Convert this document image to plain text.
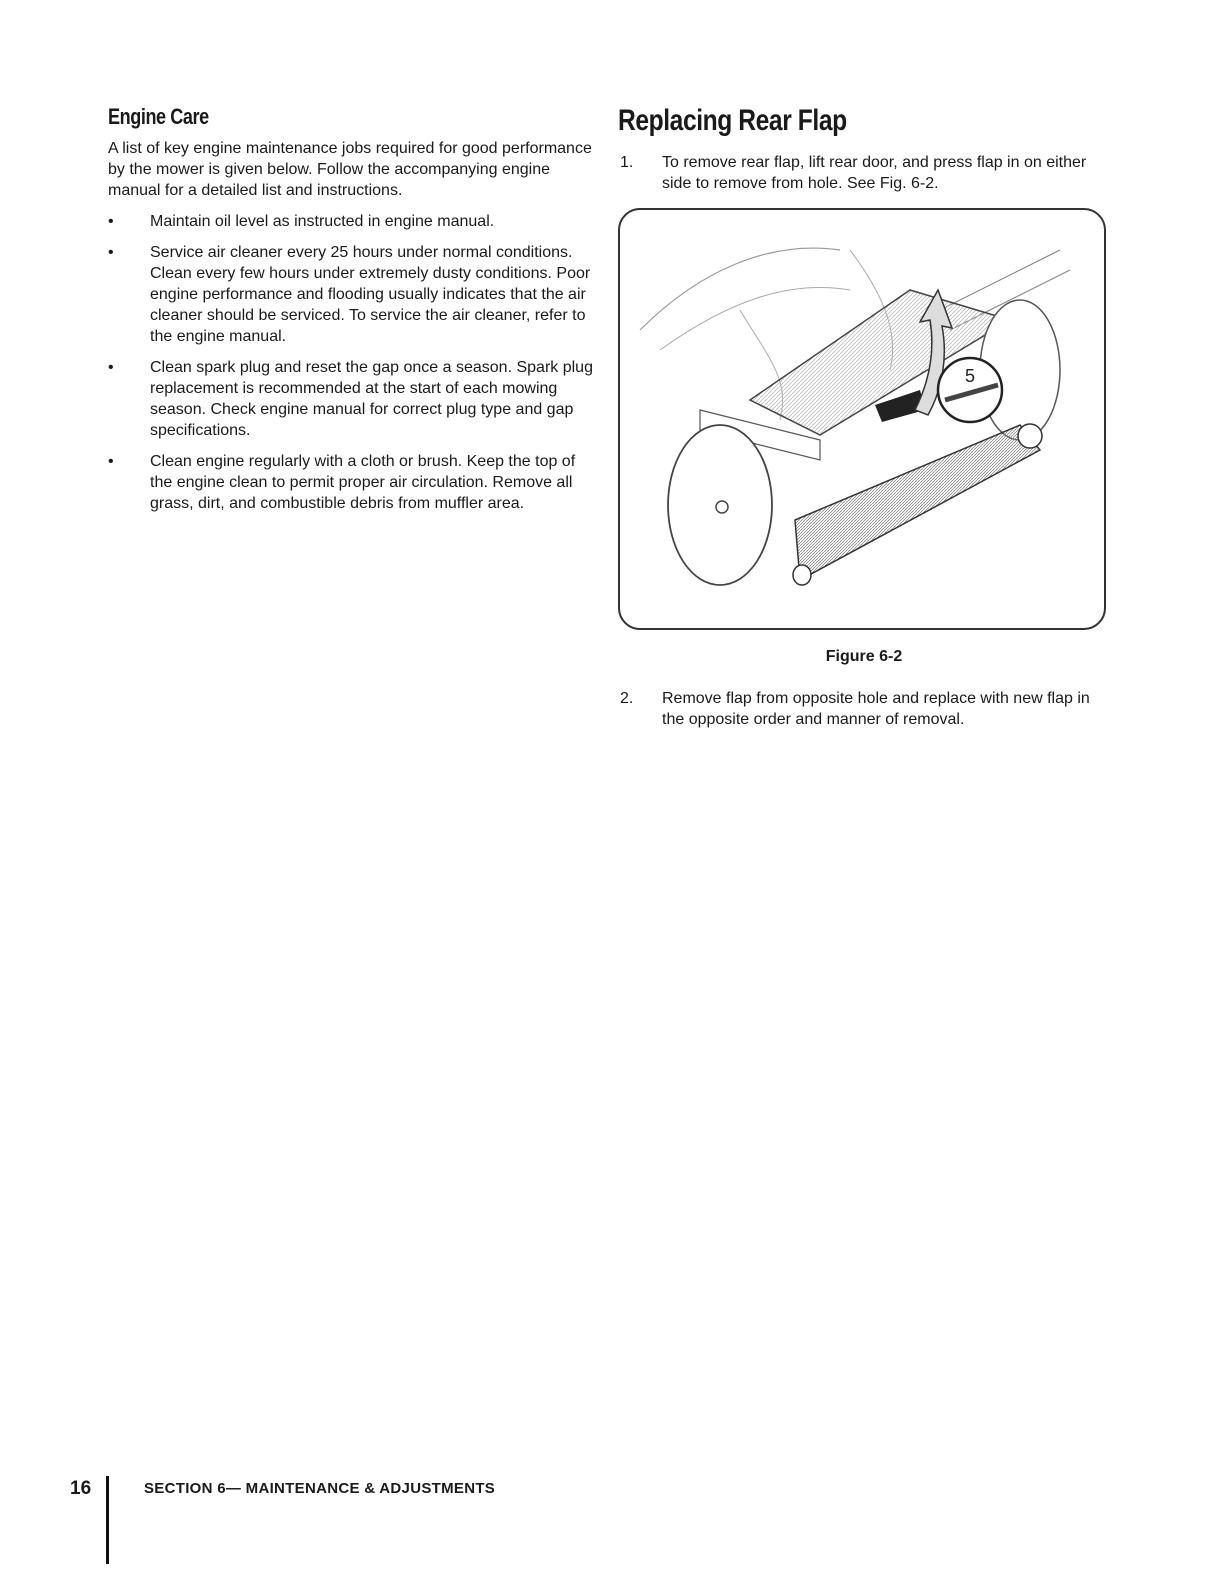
Engine Care

A list of key engine maintenance jobs required for good performance by the mower is given below. Follow the accompanying engine manual for a detailed list and instructions.

• Maintain oil level as instructed in engine manual.
• Service air cleaner every 25 hours under normal conditions. Clean every few hours under extremely dusty conditions. Poor engine performance and flooding usually indicates that the air cleaner should be serviced. To service the air cleaner, refer to the engine manual.
• Clean spark plug and reset the gap once a season. Spark plug replacement is recommended at the start of each mowing season. Check engine manual for correct plug type and gap specifications.
• Clean engine regularly with a cloth or brush. Keep the top of the engine clean to permit proper air circulation. Remove all grass, dirt, and combustible debris from muffler area.
Replacing Rear Flap

1. To remove rear flap, lift rear door, and press flap in on either side to remove from hole. See Fig. 6-2.

5
Figure 6-2

2. Remove flap from opposite hole and replace with new flap in the opposite order and manner of removal.

16	SECTION 6— MAINTENANCE & ADJUSTMENTS
